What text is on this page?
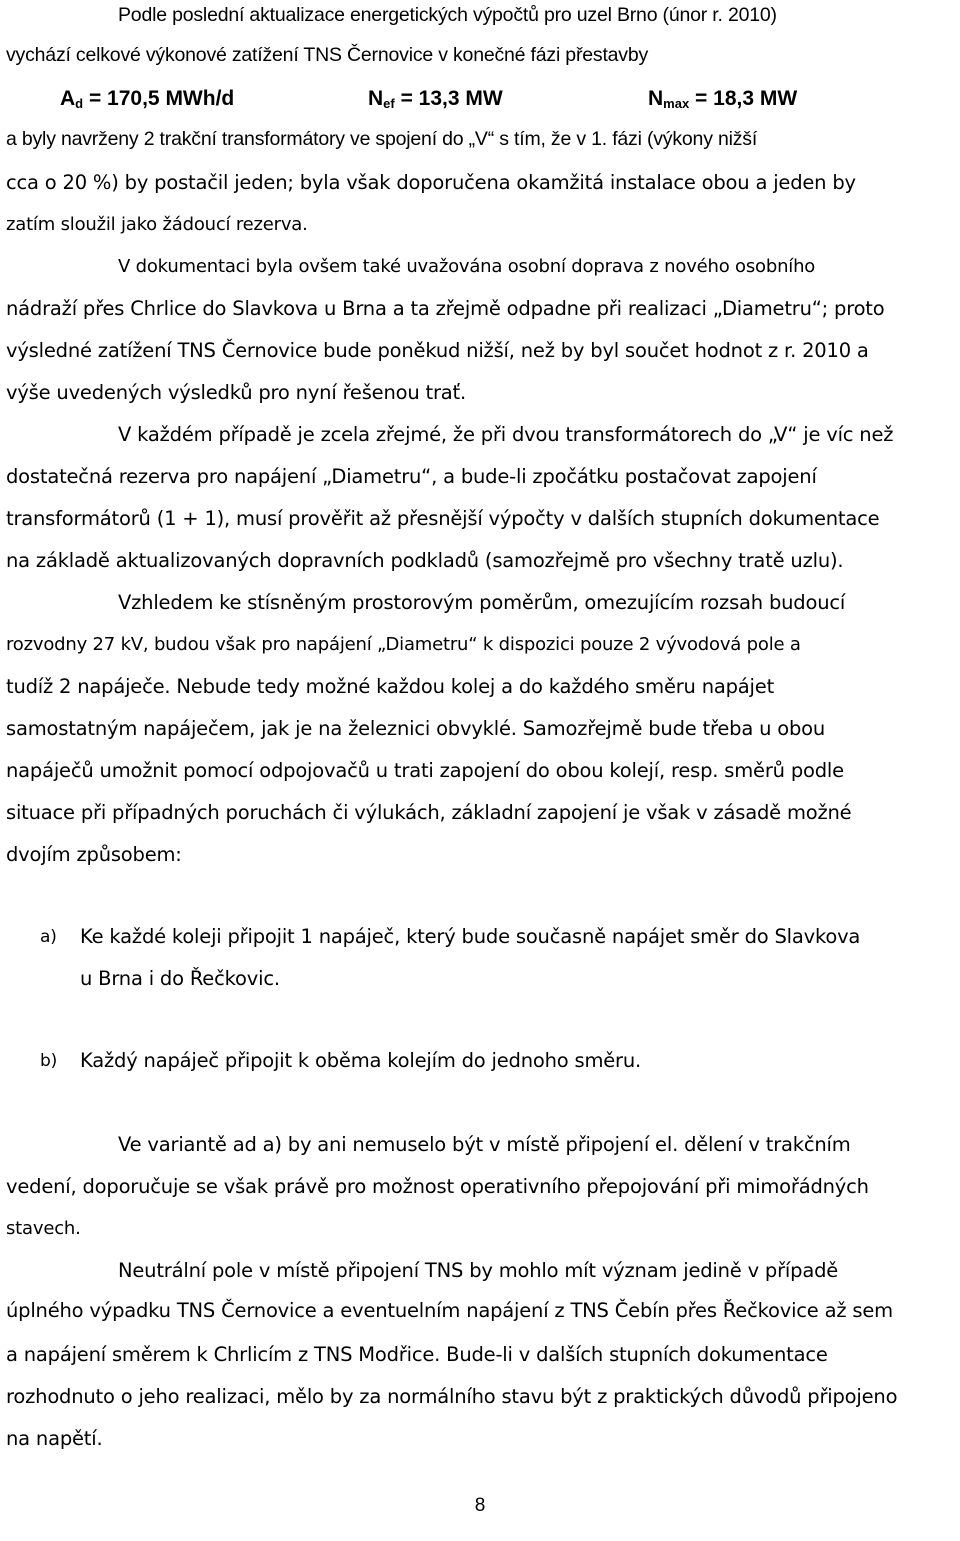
Podle poslední aktualizace energetických výpočtů pro uzel Brno (únor r. 2010)
vychází celkové výkonové zatížení TNS Černovice v konečné fázi přestavby
$A_d = 170,5$ MWh/d	$N_{ef} = 13,3$ MW	$N_{max} = 18,3$ MW
a byly navrženy 2 trakční transformátory ve spojení do „V“ s tím, že v 1. fázi (výkony nižší
cca o 20 %) by postačil jeden; byla však doporučena okamžitá instalace obou a jeden by
zatím sloužil jako žádoucí rezerva.
V dokumentaci byla ovšem také uvažována osobní doprava z nového osobního
nádraží přes Chrlice do Slavkova u Brna a ta zřejmě odpadne při realizaci „Diametru“; proto
výsledné zatížení TNS Černovice bude poněkud nižší, než by byl součet hodnot z r. 2010 a
výše uvedených výsledků pro nyní řešenou trať.
V každém případě je zcela zřejmé, že při dvou transformátorech do „V“ je víc než
dostatečná rezerva pro napájení „Diametru“, a bude-li zpočátku postačovat zapojení
transformátorů (1 + 1), musí prověřit až přesnější výpočty v dalších stupních dokumentace
na základě aktualizovaných dopravních podkladů (samozřejmě pro všechny tratě uzlu).
Vzhledem ke stísněným prostorovým poměrům, omezujícím rozsah budoucí
rozvodny 27 kV, budou však pro napájení „Diametru“ k dispozici pouze 2 vývodová pole a
tudíž 2 napáječe. Nebude tedy možné každou kolej a do každého směru napájet
samostatným napáječem, jak je na železnici obvyklé. Samozřejmě bude třeba u obou
napáječů umožnit pomocí odpojovačů u trati zapojení do obou kolejí, resp. směrů podle
situace při případných poruchách či výlukách, základní zapojení je však v zásadě možné
dvojím způsobem:
a) Ke každé koleji připojit 1 napáječ, který bude současně napájet směr do Slavkova
u Brna i do Řečkovic.
b) Každý napáječ připojit k oběma kolejím do jednoho směru.
Ve variantě ad a) by ani nemuselo být v místě připojení el. dělení v trakčním
vedení, doporučuje se však právě pro možnost operativního přepojování při mimořádných
stavech.
Neutrální pole v místě připojení TNS by mohlo mít význam jedině v případě
úplného výpadku TNS Černovice a eventuelním napájení z TNS Čebín přes Řečkovice až sem
a napájení směrem k Chrlicím z TNS Modřice. Bude-li v dalších stupních dokumentace
rozhodnuto o jeho realizaci, mělo by za normálního stavu být z praktických důvodů připojeno
na napětí.
8
